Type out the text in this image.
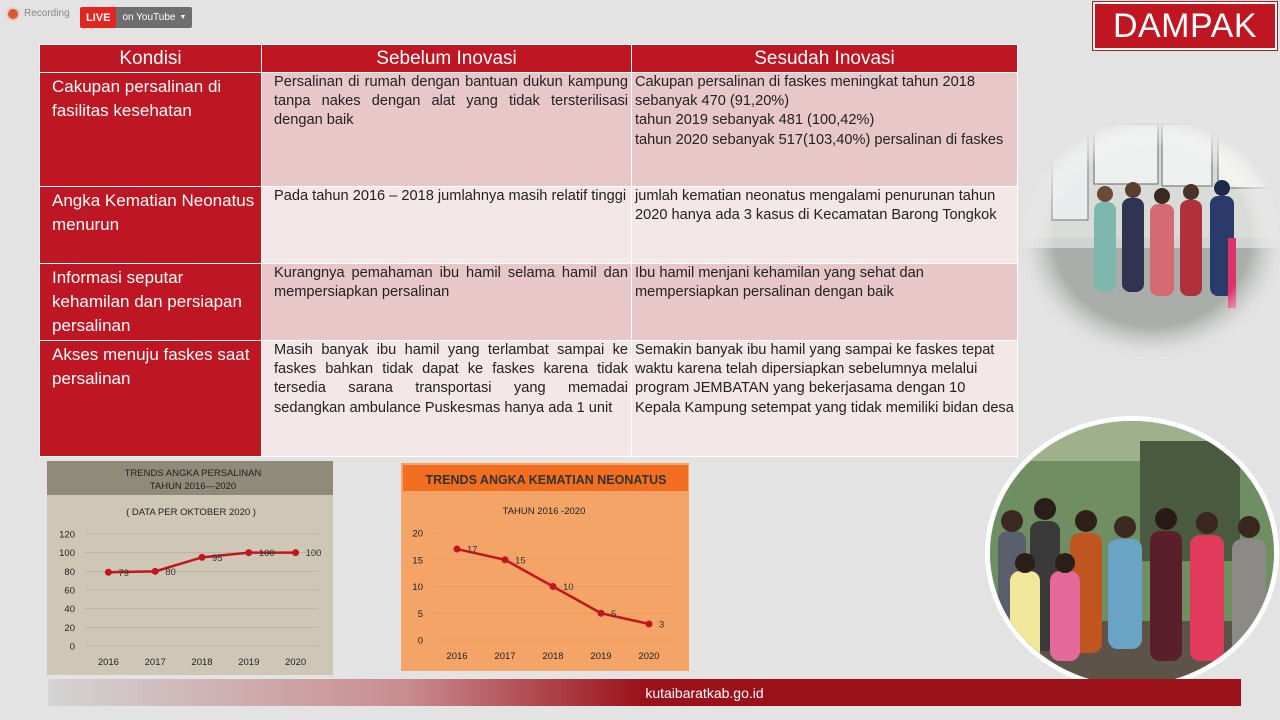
Recording	LIVE	on YouTube ▼	DAMPAK
Kondisi	Sebelum Inovasi	Sesudah Inovasi
Cakupan persalinan di fasilitas kesehatan	Persalinan di rumah dengan bantuan dukun kampung tanpa nakes dengan alat yang tidak tersterilisasi dengan baik	Cakupan persalinan di faskes meningkat tahun 2018 sebanyak 470 (91,20%)
tahun 2019 sebanyak 481 (100,42%)
tahun 2020 sebanyak 517(103,40%) persalinan di faskes

Angka Kematian Neonatus menurun	Pada tahun 2016 – 2018 jumlahnya masih relatif tinggi	jumlah kematian neonatus mengalami penurunan tahun 2020 hanya ada 3 kasus di Kecamatan Barong Tongkok

Informasi seputar kehamilan dan persiapan persalinan	Kurangnya pemahaman ibu hamil selama hamil dan mempersiapkan persalinan	Ibu hamil menjani kehamilan yang sehat dan mempersiapkan persalinan dengan baik

Akses menuju faskes saat persalinan	Masih banyak ibu hamil yang terlambat sampai ke faskes bahkan tidak dapat ke faskes karena tidak tersedia sarana transportasi yang memadai sedangkan ambulance Puskesmas hanya ada 1 unit	Semakin banyak ibu hamil yang sampai ke faskes tepat waktu karena telah dipersiapkan sebelumnya melalui program JEMBATAN yang bekerjasama dengan 10 Kepala Kampung setempat yang tidak memiliki bidan desa
TRENDS ANGKA PERSALINAN
TAHUN 2016—2020
( DATA PER OKTOBER 2020 )
0
20
40
60
80
100
120
2016	2017	2018	2019	2020
79	80
95	100	100
TRENDS ANGKA KEMATIAN NEONATUS
TAHUN 2016 -2020
0
5
10
15
20
2016	2017	2018	2019	2020
17
15
10
5
3
kutaibaratkab.go.id
